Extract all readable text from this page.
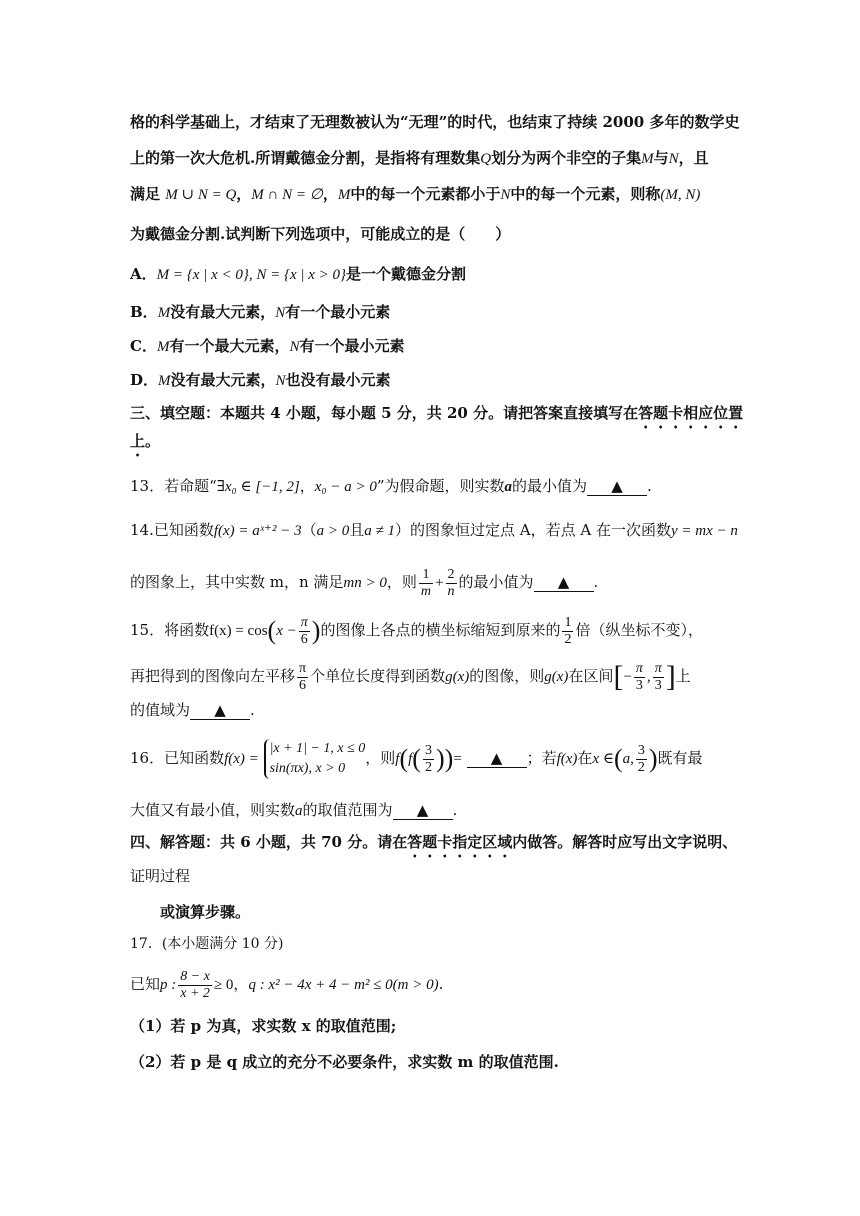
格的科学基础上，才结束了无理数被认为“无理”的时代，也结束了持续 2000 多年的数学史
上的第一次大危机.所谓戴德金分割，是指将有理数集Q划分为两个非空的子集M与N，且
满足 M ∪ N = Q，M ∩ N = ∅，M中的每一个元素都小于N中的每一个元素，则称(M, N)
为戴德金分割.试判断下列选项中，可能成立的是（　　）
A．M = {x | x < 0}, N = {x | x > 0}是一个戴德金分割
B．M没有最大元素，N有一个最小元素
C．M有一个最大元素，N有一个最小元素
D．M没有最大元素，N也没有最小元素
三、填空题：本题共 4 小题，每小题 5 分，共 20 分。请把答案直接填写在答题卡相应位置
上。
13．若命题“∃x₀ ∈ [−1, 2]，x₀ − a > 0”为假命题，则实数a的最小值为 ▲ .
14.已知函数f(x) = aˣ⁺² − 3（a > 0且a ≠ 1）的图象恒过定点 A，若点 A 在一次函数y = mx − n
的图象上，其中实数 m，n 满足mn > 0，则 $\frac{1}{m} + \frac{2}{n}$ 的最小值为 ▲ .
15．将函数$f(x) = \cos(x - \frac{\pi}{6}$ )的图像上各点的横坐标缩短到原来的 $\frac{1}{2}$ 倍（纵坐标不变），
再把得到的图像向左平移 $\frac{\pi}{6}$ 个单位长度得到函数g(x)的图像，则g(x)在区间[− $\frac{\pi}{3}$ , $\frac{\pi}{3}$ ]上
的值域为 ▲ .
16．已知函数f(x) =
|x + 1| − 1, x ≤ 0
sin(πx), x > 0
，则$f(f( \frac{3}{2}$ ))= ▲ ；若f(x)在x ∈(a, $\frac{3}{2}$ )既有最
大值又有最小值，则实数a的取值范围为 ▲ .
四、解答题：共 6 小题，共 70 分。请在答题卡指定区域内做答。解答时应写出文字说明、
证明过程
或演算步骤。
17．(本小题满分 10 分)
已知p : $\frac{8 - x}{x + 2} \ge 0$，q : x² − 4x + 4 − m² ≤ 0(m > 0).
（1）若 p 为真，求实数 x 的取值范围;
（2）若 p 是 q 成立的充分不必要条件，求实数 m 的取值范围.
